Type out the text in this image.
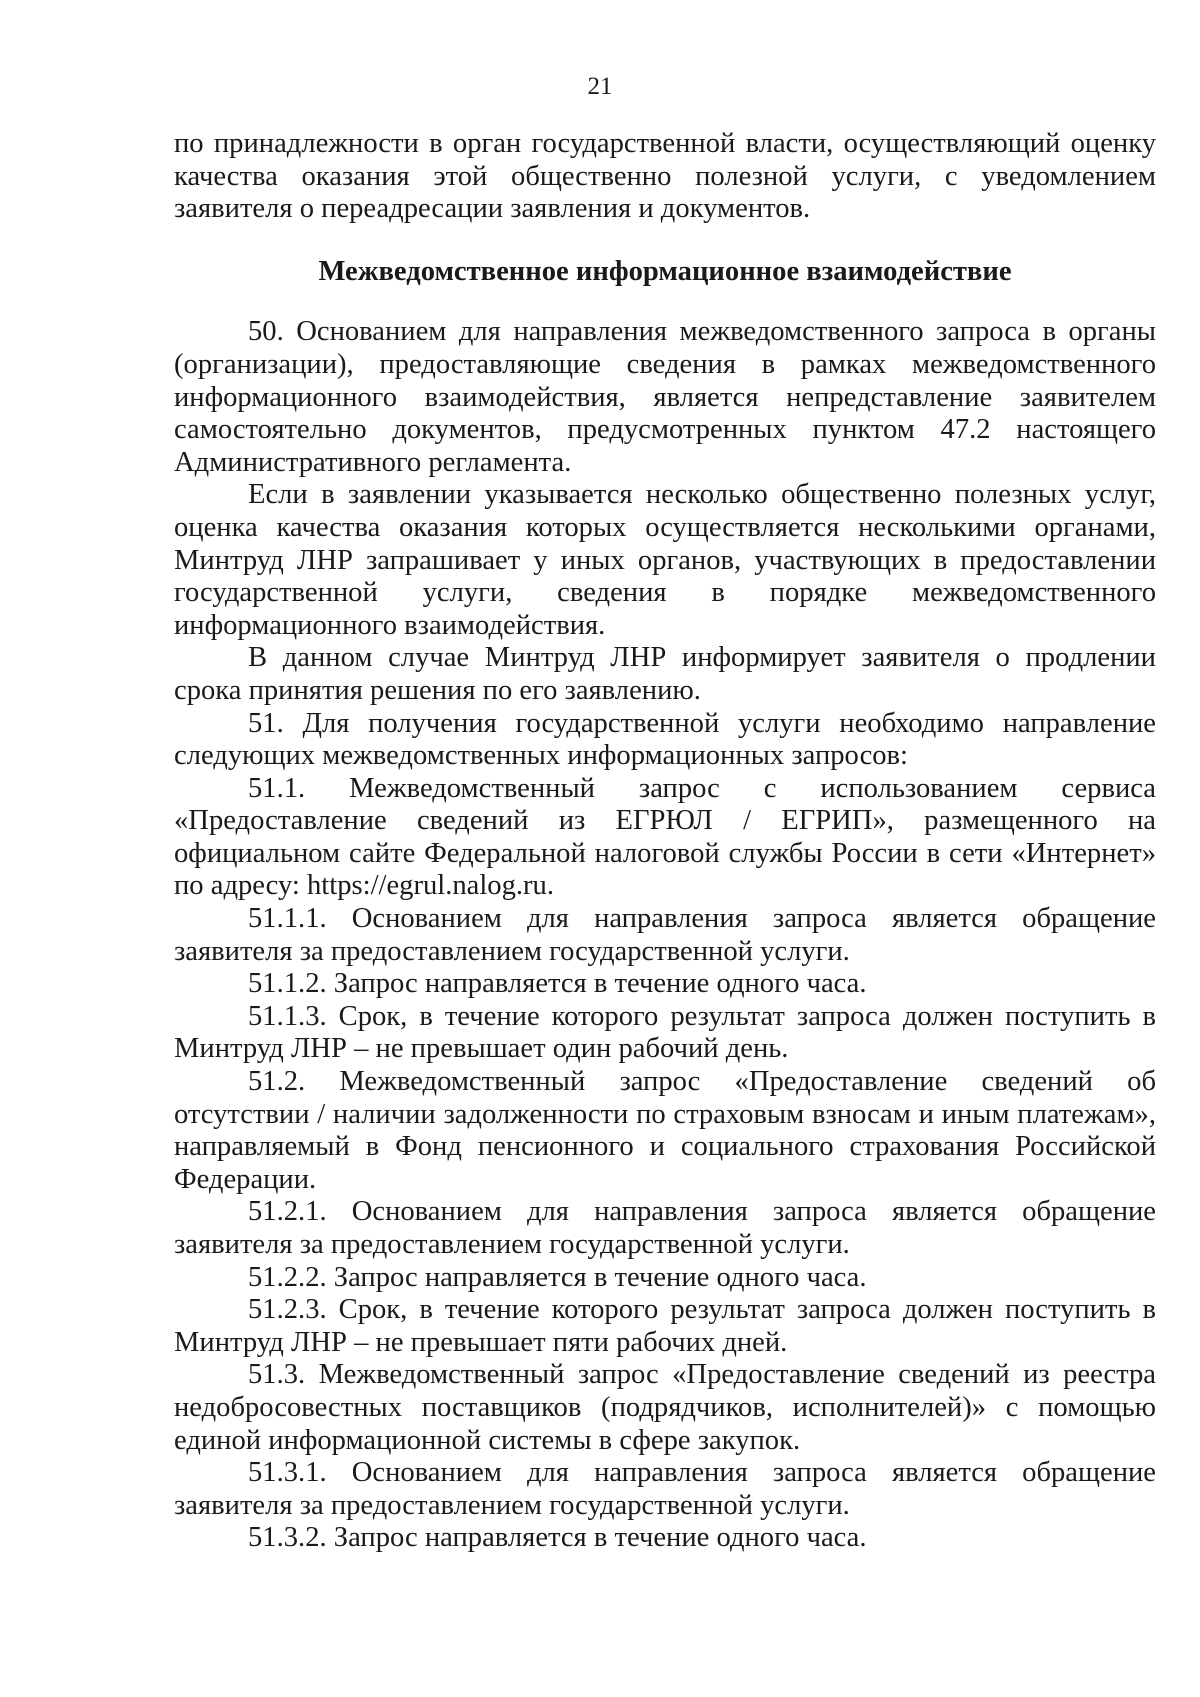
21

по принадлежности в орган государственной власти, осуществляющий оценку качества оказания этой общественно полезной услуги, с уведомлением заявителя о переадресации заявления и документов.

Межведомственное информационное взаимодействие

50. Основанием для направления межведомственного запроса в органы (организации), предоставляющие сведения в рамках межведомственного информационного взаимодействия, является непредставление заявителем самостоятельно документов, предусмотренных пунктом 47.2 настоящего Административного регламента.

Если в заявлении указывается несколько общественно полезных услуг, оценка качества оказания которых осуществляется несколькими органами, Минтруд ЛНР запрашивает у иных органов, участвующих в предоставлении государственной услуги, сведения в порядке межведомственного информационного взаимодействия.

В данном случае Минтруд ЛНР информирует заявителя о продлении срока принятия решения по его заявлению.

51. Для получения государственной услуги необходимо направление следующих межведомственных информационных запросов:

51.1. Межведомственный запрос с использованием сервиса «Предоставление сведений из ЕГРЮЛ / ЕГРИП», размещенного на официальном сайте Федеральной налоговой службы России в сети «Интернет» по адресу: https://egrul.nalog.ru.

51.1.1. Основанием для направления запроса является обращение заявителя за предоставлением государственной услуги.

51.1.2. Запрос направляется в течение одного часа.

51.1.3. Срок, в течение которого результат запроса должен поступить в Минтруд ЛНР – не превышает один рабочий день.

51.2. Межведомственный запрос «Предоставление сведений об отсутствии / наличии задолженности по страховым взносам и иным платежам», направляемый в Фонд пенсионного и социального страхования Российской Федерации.

51.2.1. Основанием для направления запроса является обращение заявителя за предоставлением государственной услуги.

51.2.2. Запрос направляется в течение одного часа.

51.2.3. Срок, в течение которого результат запроса должен поступить в Минтруд ЛНР – не превышает пяти рабочих дней.

51.3. Межведомственный запрос «Предоставление сведений из реестра недобросовестных поставщиков (подрядчиков, исполнителей)» с помощью единой информационной системы в сфере закупок.

51.3.1. Основанием для направления запроса является обращение заявителя за предоставлением государственной услуги.

51.3.2. Запрос направляется в течение одного часа.
